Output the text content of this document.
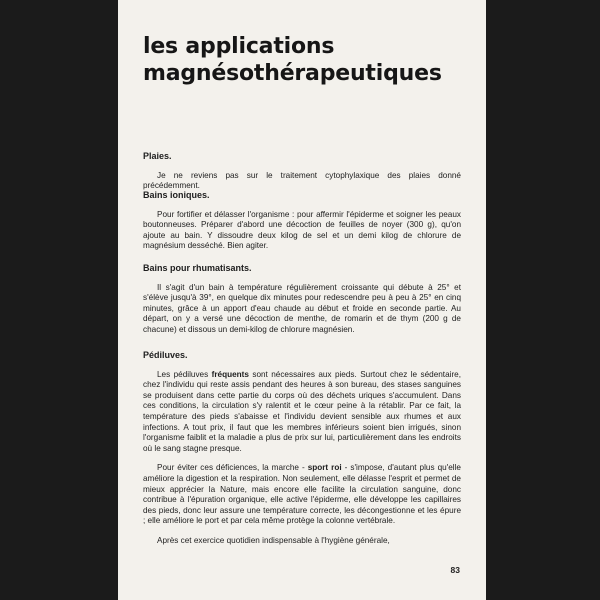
les applications
magnésothérapeutiques
Plaies.

Je ne reviens pas sur le traitement cytophylaxique des plaies donné précédemment.

Bains ioniques.

Pour fortifier et délasser l'organisme : pour affermir l'épiderme et soigner les peaux boutonneuses. Préparer d'abord une décoction de feuilles de noyer (300 g), qu'on ajoute au bain. Y dissoudre deux kilog de sel et un demi kilog de chlorure de magnésium desséché. Bien agiter.

Bains pour rhumatisants.

Il s'agit d'un bain à température régulièrement croissante qui débute à 25° et s'élève jusqu'à 39°, en quelque dix minutes pour redescendre peu à peu à 25° en cinq minutes, grâce à un apport d'eau chaude au début et froide en seconde partie. Au départ, on y a versé une décoction de menthe, de romarin et de thym (200 g de chacune) et dissous un demi-kilog de chlorure magnésien.

Pédiluves.

Les pédiluves fréquents sont nécessaires aux pieds. Surtout chez le sédentaire, chez l'individu qui reste assis pendant des heures à son bureau, des stases sanguines se produisent dans cette partie du corps où des déchets uriques s'accumulent. Dans ces conditions, la circulation s'y ralentit et le cœur peine à la rétablir. Par ce fait, la température des pieds s'abaisse et l'individu devient sensible aux rhumes et aux infections. A tout prix, il faut que les membres inférieurs soient bien irrigués, sinon l'organisme faiblit et la maladie a plus de prix sur lui, particulièrement dans les endroits où le sang stagne presque.

Pour éviter ces déficiences, la marche - sport roi - s'impose, d'autant plus qu'elle améliore la digestion et la respiration. Non seulement, elle délasse l'esprit et permet de mieux apprécier la Nature, mais encore elle facilite la circulation sanguine, donc contribue à l'épuration organique, elle active l'épiderme, elle développe les capillaires des pieds, donc leur assure une température correcte, les décongestionne et les épure ; elle améliore le port et par cela même protège la colonne vertébrale.

Après cet exercice quotidien indispensable à l'hygiène générale,

83
